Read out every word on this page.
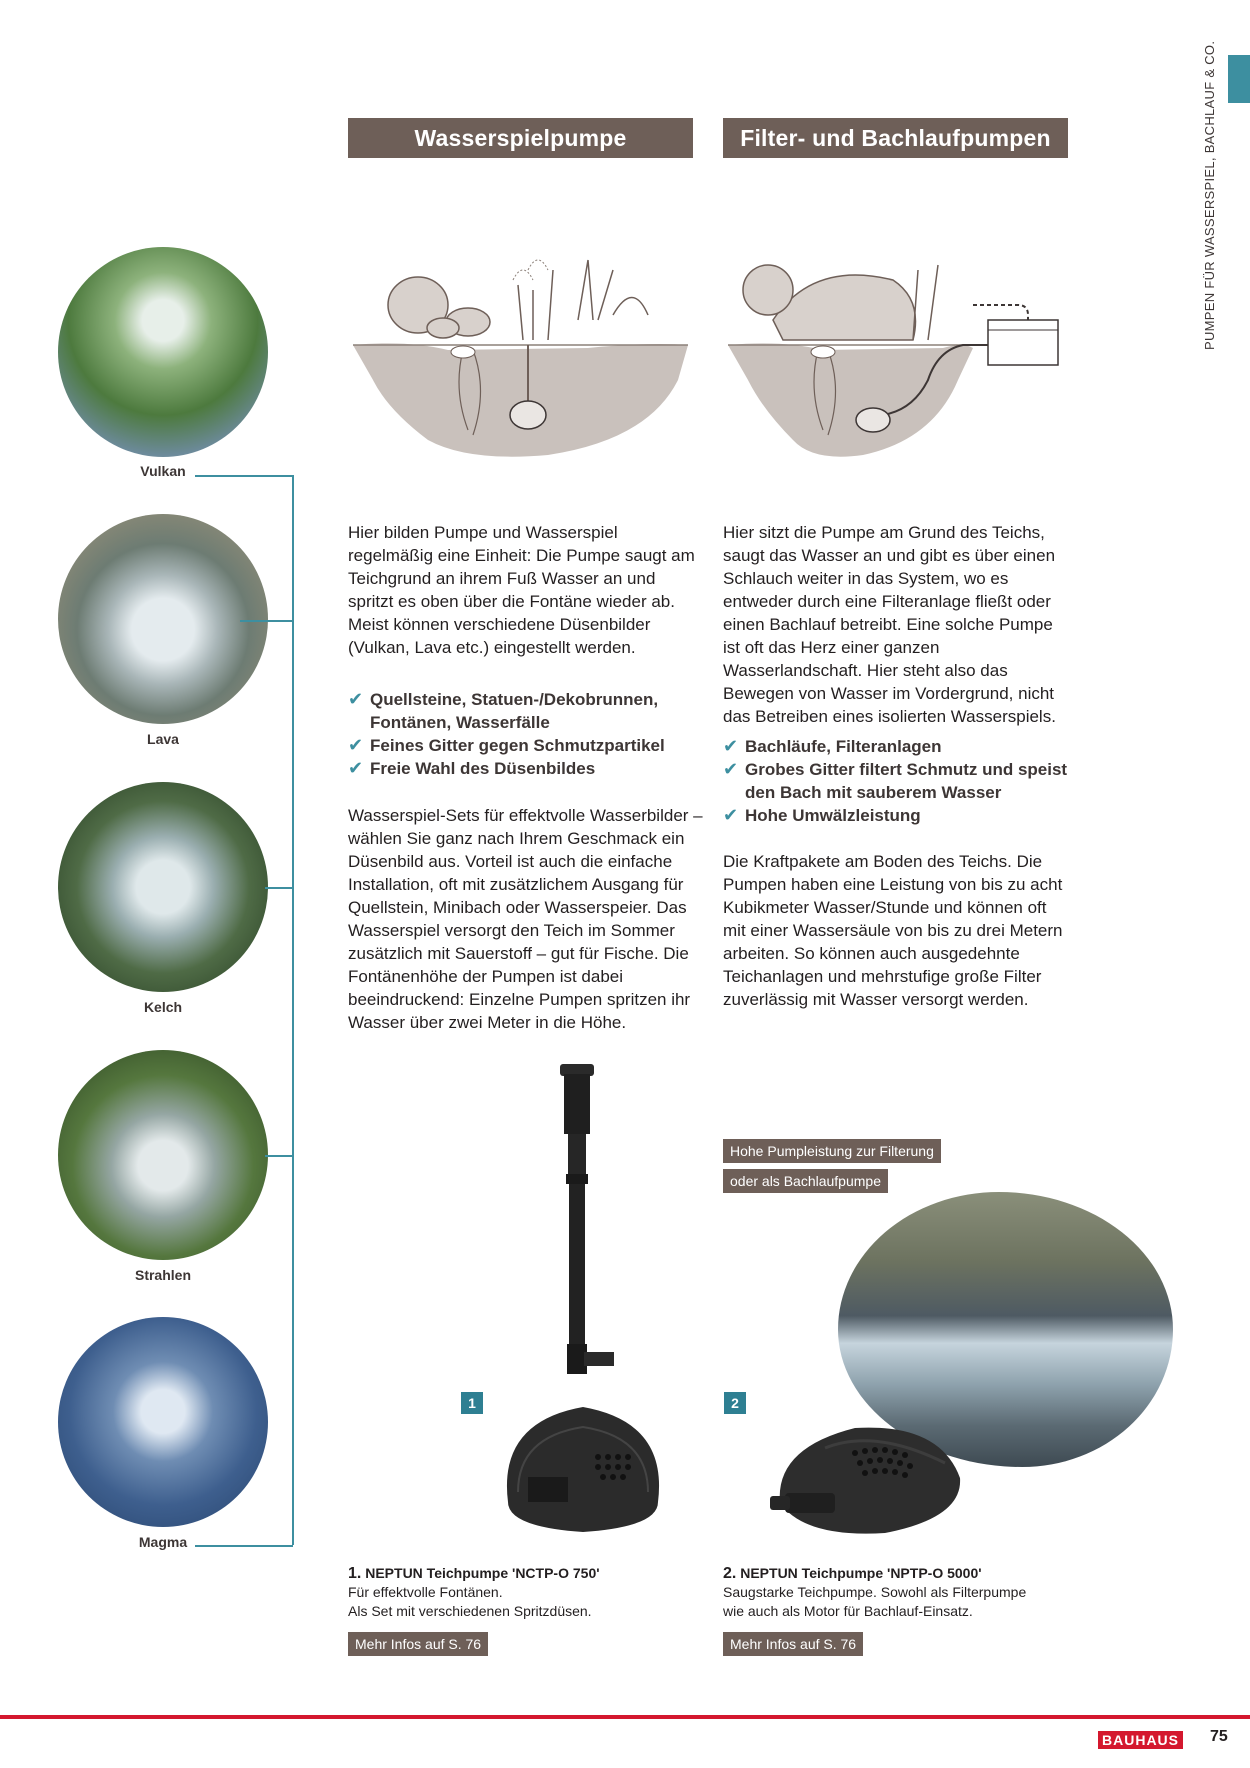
PUMPEN FÜR WASSERSPIEL, BACHLAUF & CO.
Wasserspielpumpe	Filter- und Bachlaufpumpen
Vulkan
Lava
Kelch
Strahlen
Magma
Hier bilden Pumpe und Wasserspiel regelmäßig eine Einheit: Die Pumpe saugt am Teichgrund an ihrem Fuß Wasser an und spritzt es oben über die Fontäne wieder ab. Meist können verschiedene Düsenbilder (Vulkan, Lava etc.) eingestellt werden.
✔ Quellsteine, Statuen-/Dekobrunnen, Fontänen, Wasserfälle
✔ Feines Gitter gegen Schmutzpartikel
✔ Freie Wahl des Düsenbildes
Wasserspiel-Sets für effektvolle Wasserbilder – wählen Sie ganz nach Ihrem Geschmack ein Düsenbild aus. Vorteil ist auch die einfache Installation, oft mit zusätzlichem Ausgang für Quellstein, Minibach oder Wasserspeier. Das Wasserspiel versorgt den Teich im Sommer zusätzlich mit Sauerstoff – gut für Fische. Die Fontänenhöhe der Pumpen ist dabei beeindruckend: Einzelne Pumpen spritzen ihr Wasser über zwei Meter in die Höhe.
Hier sitzt die Pumpe am Grund des Teichs, saugt das Wasser an und gibt es über einen Schlauch weiter in das System, wo es entweder durch eine Filteranlage fließt oder einen Bachlauf betreibt. Eine solche Pumpe ist oft das Herz einer ganzen Wasserlandschaft. Hier steht also das Bewegen von Wasser im Vordergrund, nicht das Betreiben eines isolierten Wasserspiels.
✔ Bachläufe, Filteranlagen
✔ Grobes Gitter filtert Schmutz und speist den Bach mit sauberem Wasser
✔ Hohe Umwälzleistung
Die Kraftpakete am Boden des Teichs. Die Pumpen haben eine Leistung von bis zu acht Kubikmeter Wasser/Stunde und können oft mit einer Wassersäule von bis zu drei Metern arbeiten. So können auch ausgedehnte Teichanlagen und mehrstufige große Filter zuverlässig mit Wasser versorgt werden.
Hohe Pumpleistung zur Filterung
oder als Bachlaufpumpe
1	2
1. NEPTUN Teichpumpe 'NCTP-O 750'
Für effektvolle Fontänen.
Als Set mit verschiedenen Spritzdüsen.
Mehr Infos auf S. 76
2. NEPTUN Teichpumpe 'NPTP-O 5000'
Saugstarke Teichpumpe. Sowohl als Filterpumpe
wie auch als Motor für Bachlauf-Einsatz.
Mehr Infos auf S. 76
BAUHAUS 75
